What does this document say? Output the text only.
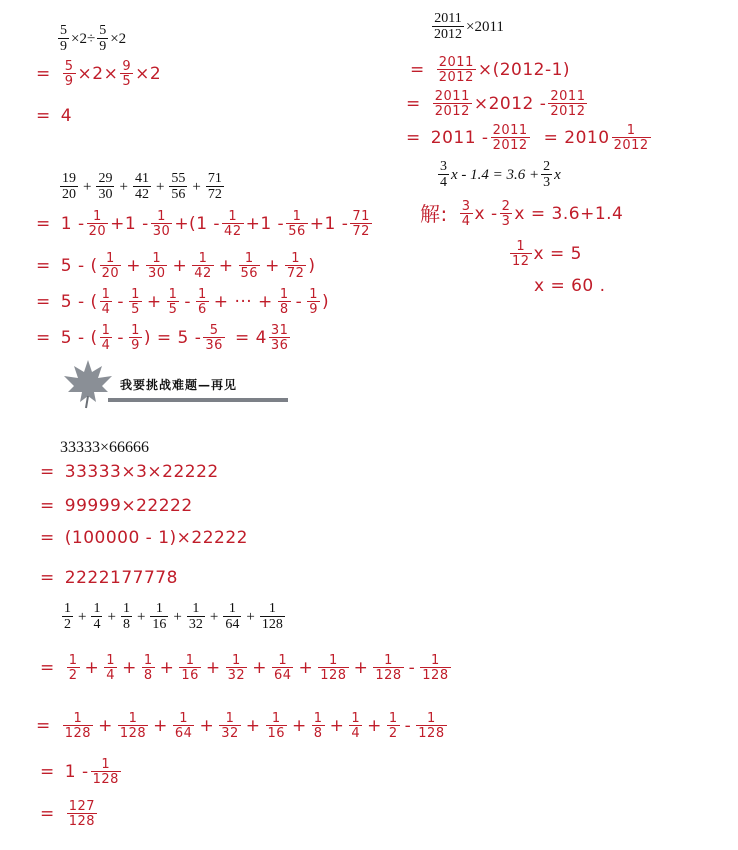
$\frac{5}{9} \times 2\div \frac{5}{9} \times 2$
= $\frac{5}{9} \times 2\times \frac{9}{5} \times 2$
= 4
$\frac{2011}{2012} \times 2011$
= $\frac{2011}{2012} \times(2012-1)$
= $\frac{2011}{2012} \times 2012 - \frac{2011}{2012}$
= $2011 - \frac{2011}{2012} = 2010 \frac{1}{2012}$
$\frac{3}{4}$ $x - 1.4 = 3.6 + \frac{2}{3}$ x
解: $\frac{3}{4}$ x - $\frac{2}{3}$ x = 3.6+1.4
$\frac{1}{12}$ x = 5
x = 60 .
$\frac{19}{20} + \frac{29}{30} + \frac{41}{42} + \frac{55}{56} + \frac{71}{72}$
= $1 - \frac{1}{20} +1 - \frac{1}{30} +(1 - \frac{1}{42} +1 - \frac{1}{56} +1 - \frac{71}{72}$
= 5 - ( $\frac{1}{20} + \frac{1}{30} + \frac{1}{42} + \frac{1}{56} + \frac{1}{72}$ )
= 5 - ( $\frac{1}{4} - \frac{1}{5} + \frac{1}{5} - \frac{1}{6}$ + ··· + $\frac{1}{8} - \frac{1}{9}$ )
= 5 - ( $\frac{1}{4} - \frac{1}{9}$ ) = $5 - \frac{5}{36} = 4 \frac{31}{36}$
我要挑战难题—再见
33333×66666
= 33333×3×22222
= 99999×22222
= (100000 - 1)×22222
= 2222177778
$\frac{1}{2} + \frac{1}{4} + \frac{1}{8} + \frac{1}{16} + \frac{1}{32} + \frac{1}{64} + \frac{1}{128}$
= $\frac{1}{2} + \frac{1}{4} + \frac{1}{8} + \frac{1}{16} + \frac{1}{32} + \frac{1}{64} + \frac{1}{128} + \frac{1}{128} - \frac{1}{128}$
= $\frac{1}{128} + \frac{1}{128} + \frac{1}{64} + \frac{1}{32} + \frac{1}{16} + \frac{1}{8} + \frac{1}{4} + \frac{1}{2} - \frac{1}{128}$
= $1 - \frac{1}{128}$
= $\frac{127}{128}$
